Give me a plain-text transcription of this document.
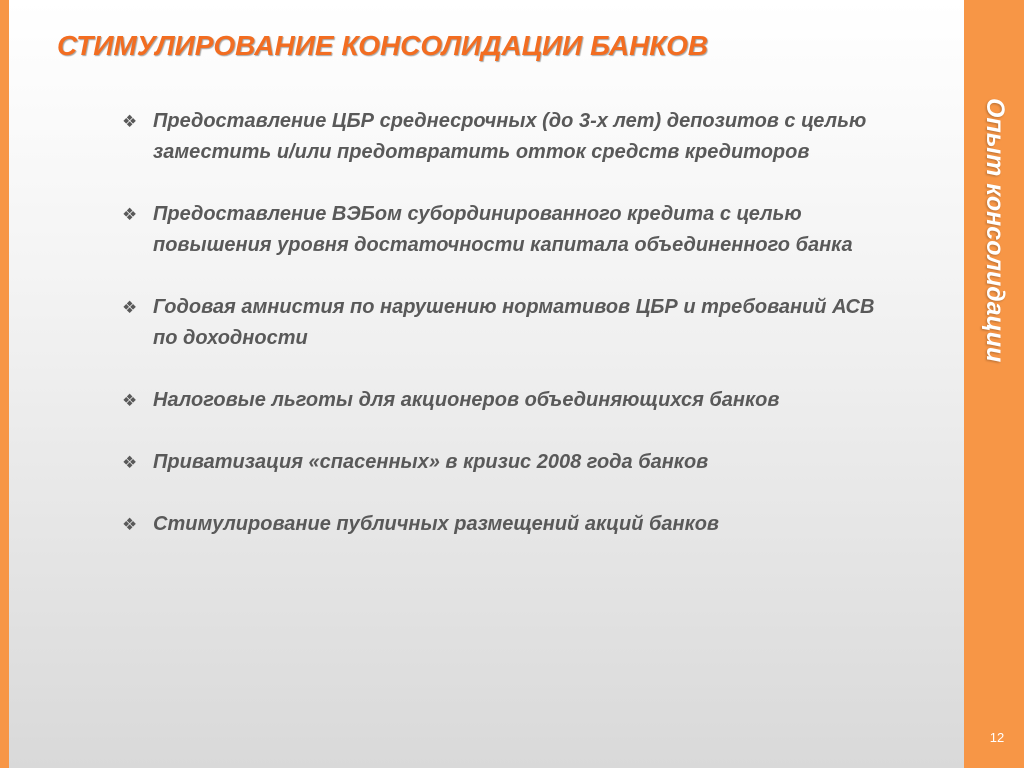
СТИМУЛИРОВАНИЕ КОНСОЛИДАЦИИ БАНКОВ
❖ Предоставление ЦБР среднесрочных (до 3-х лет) депозитов с целью заместить и/или предотвратить отток средств кредиторов
❖ Предоставление ВЭБом субординированного кредита с целью повышения уровня достаточности капитала объединенного банка
❖ Годовая амнистия по нарушению нормативов ЦБР и требований АСВ по доходности
❖ Налоговые льготы для акционеров объединяющихся банков
❖ Приватизация «спасенных» в кризис 2008 года банков
❖ Стимулирование публичных размещений акций банков
Опыт консолидации
12
